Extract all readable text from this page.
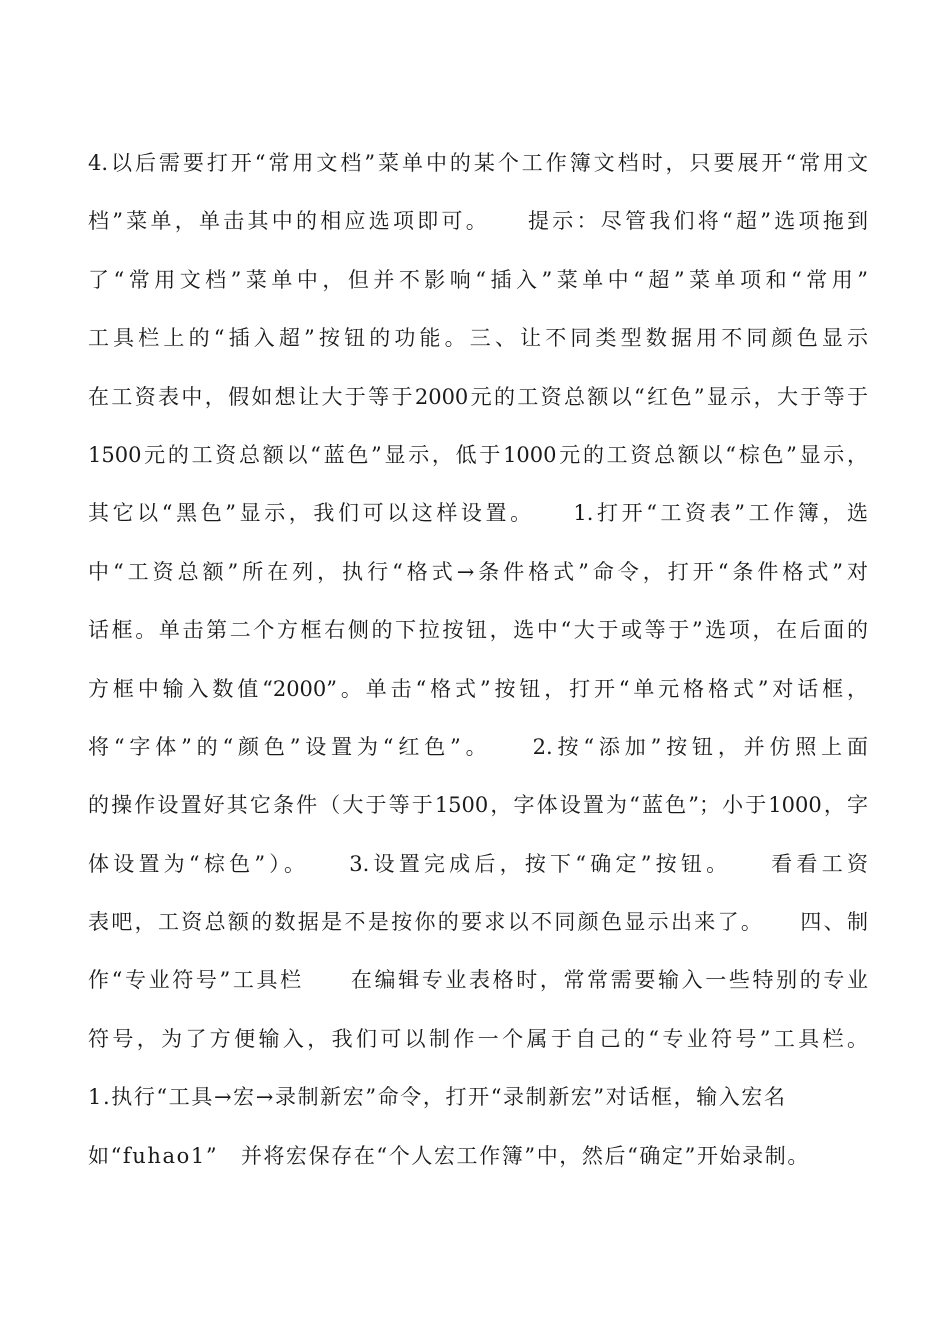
4.以后需要打开“常用文档”菜单中的某个工作簿文档时，只要展开“常用文
档”菜单，单击其中的相应选项即可。　　提示：尽管我们将“超”选项拖到
了“常用文档”菜单中，但并不影响“插入”菜单中“超”菜单项和“常用”
工具栏上的“插入超”按钮的功能。三、让不同类型数据用不同颜色显示
在工资表中，假如想让大于等于2000元的工资总额以“红色”显示，大于等于
1500元的工资总额以“蓝色”显示，低于1000元的工资总额以“棕色”显示，
其它以“黑色”显示，我们可以这样设置。　　1.打开“工资表”工作簿，选
中“工资总额”所在列，执行“格式→条件格式”命令，打开“条件格式”对
话框。单击第二个方框右侧的下拉按钮，选中“大于或等于”选项，在后面的
方框中输入数值“2000”。单击“格式”按钮，打开“单元格格式”对话框，
将“字体”的“颜色”设置为“红色”。　　2.按“添加”按钮，并仿照上面
的操作设置好其它条件（大于等于1500，字体设置为“蓝色”；小于1000，字
体设置为“棕色”）。　　3.设置完成后，按下“确定”按钮。　　看看工资
表吧，工资总额的数据是不是按你的要求以不同颜色显示出来了。　　四、制
作“专业符号”工具栏　　在编辑专业表格时，常常需要输入一些特别的专业
符号，为了方便输入，我们可以制作一个属于自己的“专业符号”工具栏。
1.执行“工具→宏→录制新宏”命令，打开“录制新宏”对话框，输入宏名
如“fuhao1”　并将宏保存在“个人宏工作簿”中，然后“确定”开始录制。
